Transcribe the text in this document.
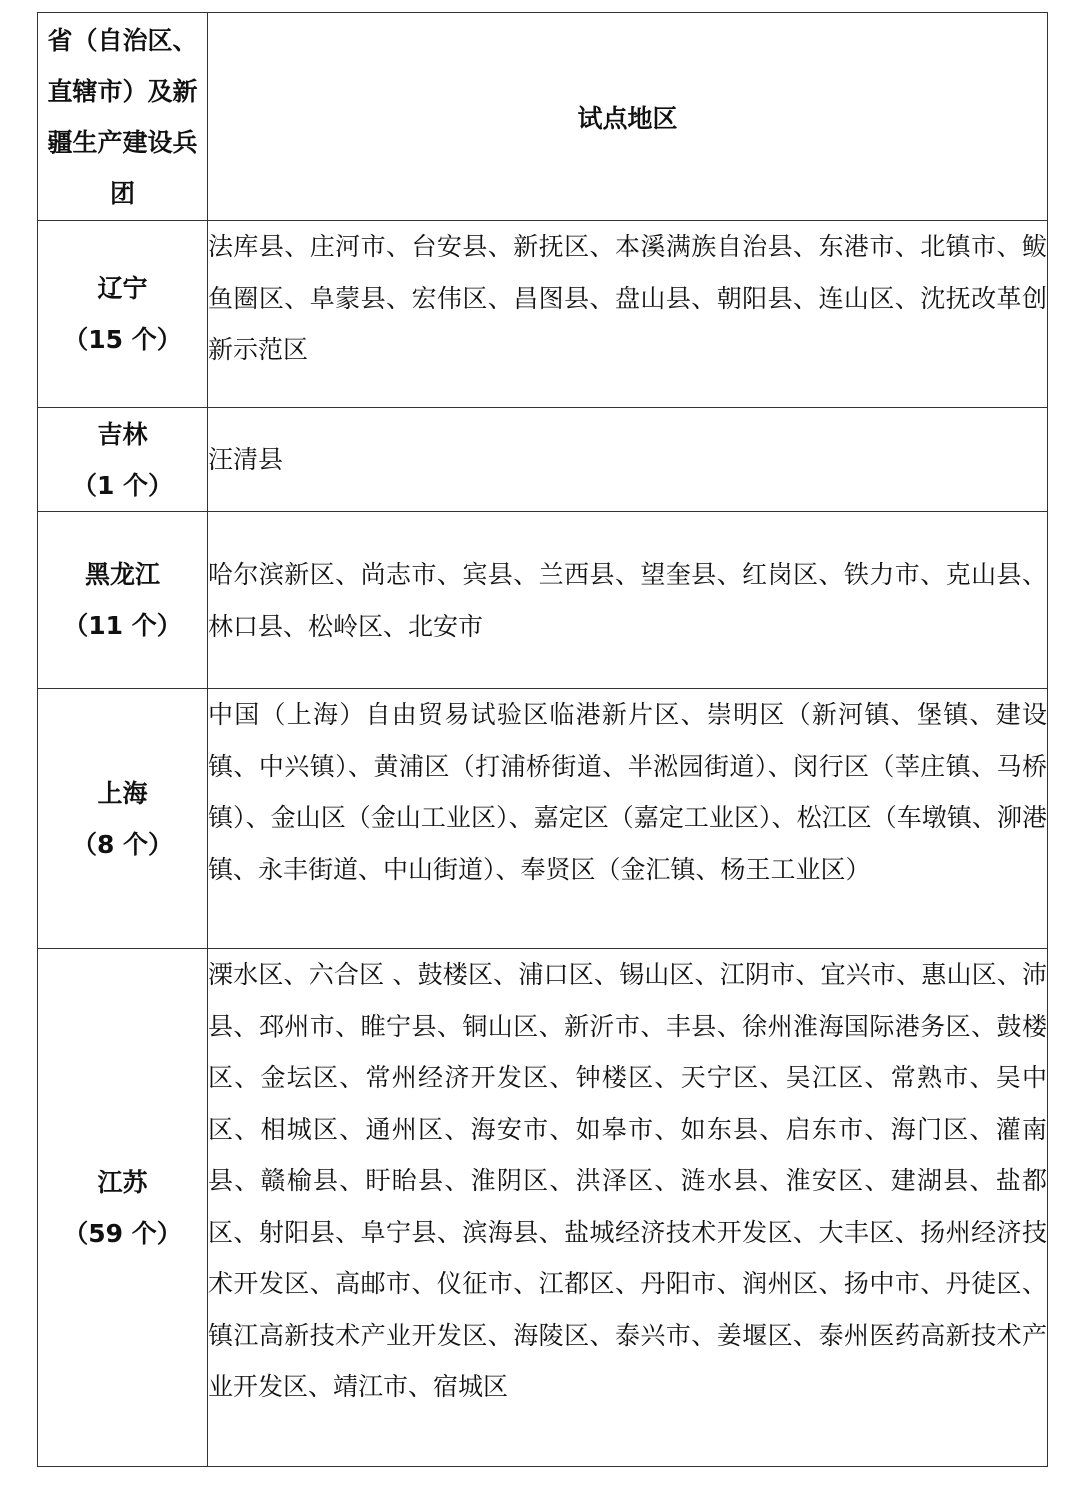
省（自治区、直辖市）及新疆生产建设兵团	试点地区

辽宁
（15 个）	法库县、庄河市、台安县、新抚区、本溪满族自治县、东港市、北镇市、鲅鱼圈区、阜蒙县、宏伟区、昌图县、盘山县、朝阳县、连山区、沈抚改革创新示范区

吉林
（1 个）	汪清县

黑龙江
（11 个）	哈尔滨新区、尚志市、宾县、兰西县、望奎县、红岗区、铁力市、克山县、林口县、松岭区、北安市

上海
（8 个）	中国（上海）自由贸易试验区临港新片区、崇明区（新河镇、堡镇、建设镇、中兴镇）、黄浦区（打浦桥街道、半淞园街道）、闵行区（莘庄镇、马桥镇）、金山区（金山工业区）、嘉定区（嘉定工业区）、松江区（车墩镇、泖港镇、永丰街道、中山街道）、奉贤区（金汇镇、杨王工业区）

江苏
（59 个）	溧水区、六合区 、鼓楼区、浦口区、锡山区、江阴市、宜兴市、惠山区、沛县、邳州市、睢宁县、铜山区、新沂市、丰县、徐州淮海国际港务区、鼓楼区、金坛区、常州经济开发区、钟楼区、天宁区、吴江区、常熟市、吴中区、相城区、通州区、海安市、如皋市、如东县、启东市、海门区、灌南县、赣榆县、盱眙县、淮阴区、洪泽区、涟水县、淮安区、建湖县、盐都区、射阳县、阜宁县、滨海县、盐城经济技术开发区、大丰区、扬州经济技术开发区、高邮市、仪征市、江都区、丹阳市、润州区、扬中市、丹徒区、镇江高新技术产业开发区、海陵区、泰兴市、姜堰区、泰州医药高新技术产业开发区、靖江市、宿城区
